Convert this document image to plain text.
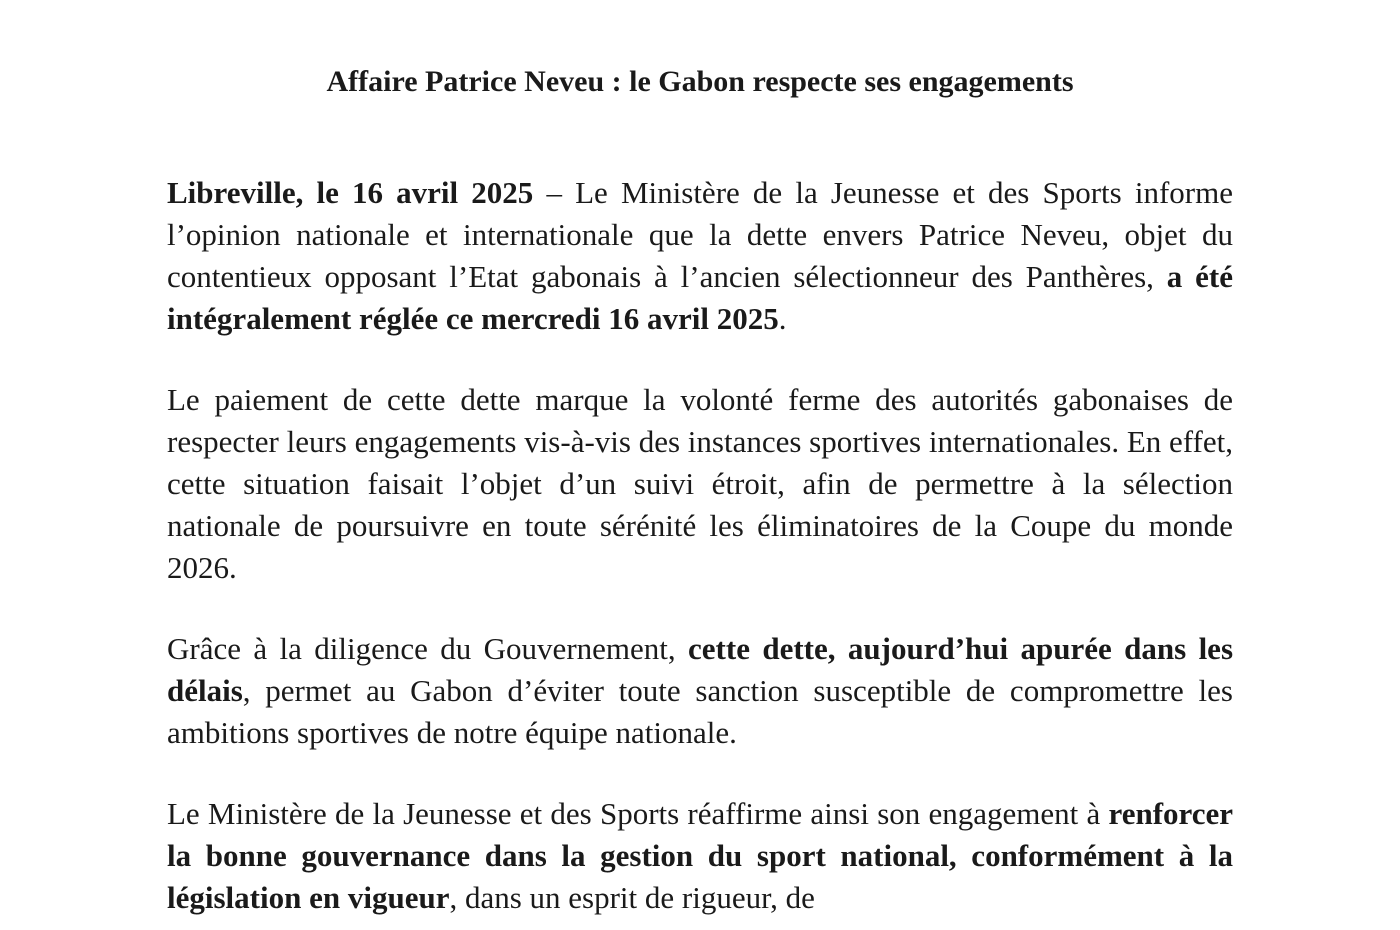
Affaire Patrice Neveu : le Gabon respecte ses engagements

Libreville, le 16 avril 2025 – Le Ministère de la Jeunesse et des Sports informe l’opinion nationale et internationale que la dette envers Patrice Neveu, objet du contentieux opposant l’Etat gabonais à l’ancien sélectionneur des Panthères, a été intégralement réglée ce mercredi 16 avril 2025.

Le paiement de cette dette marque la volonté ferme des autorités gabonaises de respecter leurs engagements vis-à-vis des instances sportives internationales. En effet, cette situation faisait l’objet d’un suivi étroit, afin de permettre à la sélection nationale de poursuivre en toute sérénité les éliminatoires de la Coupe du monde 2026.

Grâce à la diligence du Gouvernement, cette dette, aujourd’hui apurée dans les délais, permet au Gabon d’éviter toute sanction susceptible de compromettre les ambitions sportives de notre équipe nationale.

Le Ministère de la Jeunesse et des Sports réaffirme ainsi son engagement à renforcer la bonne gouvernance dans la gestion du sport national, conformément à la législation en vigueur, dans un esprit de rigueur, de
